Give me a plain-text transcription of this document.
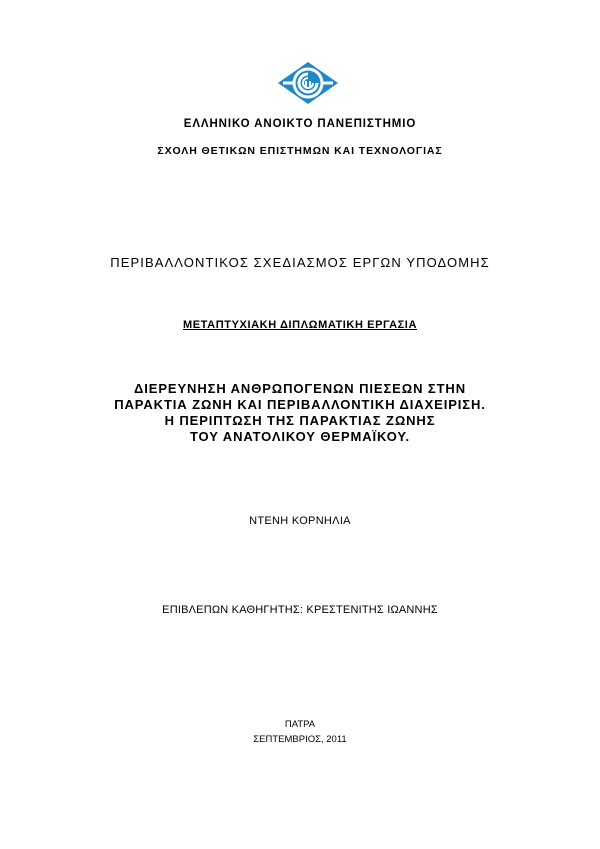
ΕΛΛΗΝΙΚΟ ΑΝΟΙΚΤΟ ΠΑΝΕΠΙΣΤΗΜΙΟ
ΣΧΟΛΗ ΘΕΤΙΚΩΝ ΕΠΙΣΤΗΜΩΝ ΚΑΙ ΤΕΧΝΟΛΟΓΙΑΣ
ΠΕΡΙΒΑΛΛΟΝΤΙΚΟΣ ΣΧΕΔΙΑΣΜΟΣ ΕΡΓΩΝ ΥΠΟΔΟΜΗΣ
ΜΕΤΑΠΤΥΧΙΑΚΗ ΔΙΠΛΩΜΑΤΙΚΗ ΕΡΓΑΣΙΑ
ΔΙΕΡΕΥΝΗΣΗ ΑΝΘΡΩΠΟΓΕΝΩΝ ΠΙΕΣΕΩΝ ΣΤΗΝ
ΠΑΡΑΚΤΙΑ ΖΩΝΗ ΚΑΙ ΠΕΡΙΒΑΛΛΟΝΤΙΚΗ ΔΙΑΧΕΙΡΙΣΗ.
Η ΠΕΡΙΠΤΩΣΗ ΤΗΣ ΠΑΡΑΚΤΙΑΣ ΖΩΝΗΣ
ΤΟΥ ΑΝΑΤΟΛΙΚΟΥ ΘΕΡΜΑΪΚΟΥ.
ΝΤΕΝΗ ΚΟΡΝΗΛΙΑ
ΕΠΙΒΛΕΠΩΝ ΚΑΘΗΓΗΤΗΣ: ΚΡΕΣΤΕΝΙΤΗΣ ΙΩΑΝΝΗΣ
ΠΑΤΡΑ
ΣΕΠΤΕΜΒΡΙΟΣ, 2011
